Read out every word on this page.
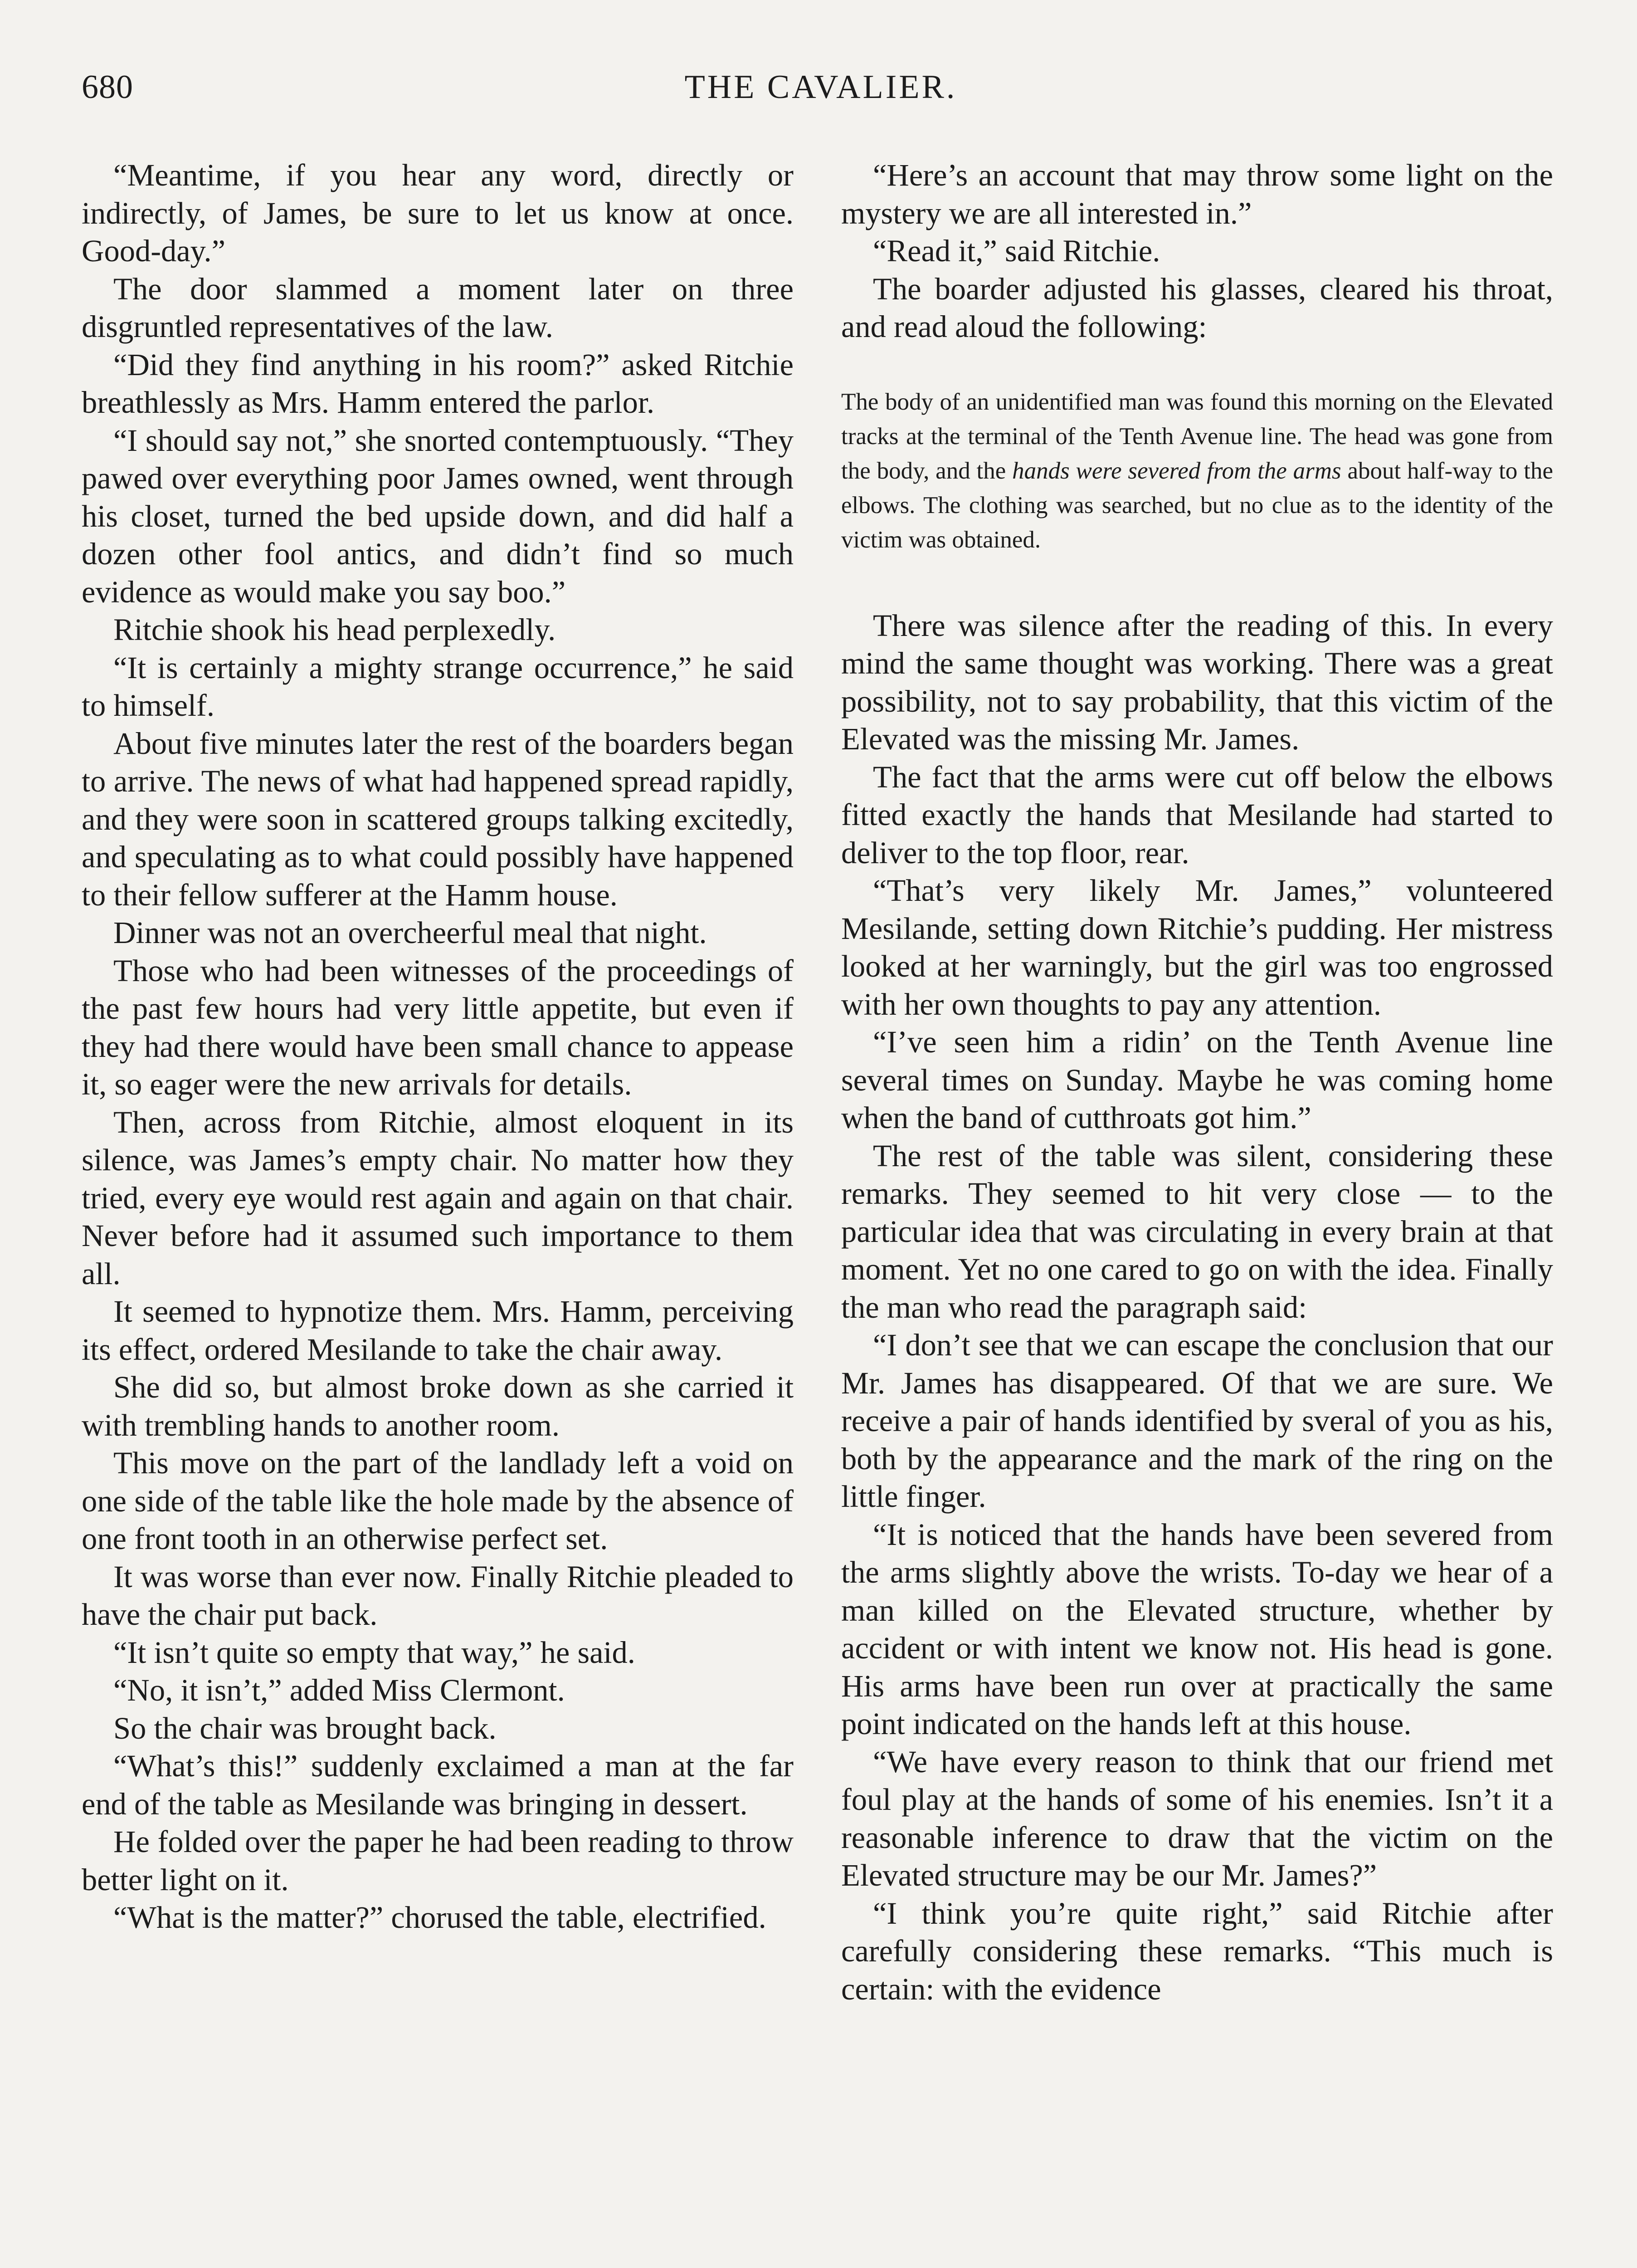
680	THE CAVALIER.

“Meantime, if you hear any word, directly or indirectly, of James, be sure to let us know at once. Good-day.”

The door slammed a moment later on three disgruntled representatives of the law.

“Did they find anything in his room?” asked Ritchie breathlessly as Mrs. Hamm entered the parlor.

“I should say not,” she snorted contemptuously. “They pawed over everything poor James owned, went through his closet, turned the bed upside down, and did half a dozen other fool antics, and didn’t find so much evidence as would make you say boo.”

Ritchie shook his head perplexedly.

“It is certainly a mighty strange occurrence,” he said to himself.

About five minutes later the rest of the boarders began to arrive. The news of what had happened spread rapidly, and they were soon in scattered groups talking excitedly, and speculating as to what could possibly have happened to their fellow sufferer at the Hamm house.

Dinner was not an overcheerful meal that night.

Those who had been witnesses of the proceedings of the past few hours had very little appetite, but even if they had there would have been small chance to appease it, so eager were the new arrivals for details.

Then, across from Ritchie, almost eloquent in its silence, was James’s empty chair. No matter how they tried, every eye would rest again and again on that chair. Never before had it assumed such importance to them all.

It seemed to hypnotize them. Mrs. Hamm, perceiving its effect, ordered Mesilande to take the chair away.

She did so, but almost broke down as she carried it with trembling hands to another room.

This move on the part of the landlady left a void on one side of the table like the hole made by the absence of one front tooth in an otherwise perfect set.

It was worse than ever now. Finally Ritchie pleaded to have the chair put back.

“It isn’t quite so empty that way,” he said.

“No, it isn’t,” added Miss Clermont.

So the chair was brought back.

“What’s this!” suddenly exclaimed a man at the far end of the table as Mesilande was bringing in dessert.

He folded over the paper he had been reading to throw better light on it.

“What is the matter?” chorused the table, electrified.

“Here’s an account that may throw some light on the mystery we are all interested in.”

“Read it,” said Ritchie.

The boarder adjusted his glasses, cleared his throat, and read aloud the following:

The body of an unidentified man was found this morning on the Elevated tracks at the terminal of the Tenth Avenue line. The head was gone from the body, and the hands were severed from the arms about half-way to the elbows. The clothing was searched, but no clue as to the identity of the victim was obtained.

There was silence after the reading of this. In every mind the same thought was working. There was a great possibility, not to say probability, that this victim of the Elevated was the missing Mr. James.

The fact that the arms were cut off below the elbows fitted exactly the hands that Mesilande had started to deliver to the top floor, rear.

“That’s very likely Mr. James,” volunteered Mesilande, setting down Ritchie’s pudding. Her mistress looked at her warningly, but the girl was too engrossed with her own thoughts to pay any attention.

“I’ve seen him a ridin’ on the Tenth Avenue line several times on Sunday. Maybe he was coming home when the band of cutthroats got him.”

The rest of the table was silent, considering these remarks. They seemed to hit very close — to the particular idea that was circulating in every brain at that moment. Yet no one cared to go on with the idea. Finally the man who read the paragraph said:

“I don’t see that we can escape the conclusion that our Mr. James has disappeared. Of that we are sure. We receive a pair of hands identified by sveral of you as his, both by the appearance and the mark of the ring on the little finger.

“It is noticed that the hands have been severed from the arms slightly above the wrists. To-day we hear of a man killed on the Elevated structure, whether by accident or with intent we know not. His head is gone. His arms have been run over at practically the same point indicated on the hands left at this house.

“We have every reason to think that our friend met foul play at the hands of some of his enemies. Isn’t it a reasonable inference to draw that the victim on the Elevated structure may be our Mr. James?”

“I think you’re quite right,” said Ritchie after carefully considering these remarks. “This much is certain: with the evidence
